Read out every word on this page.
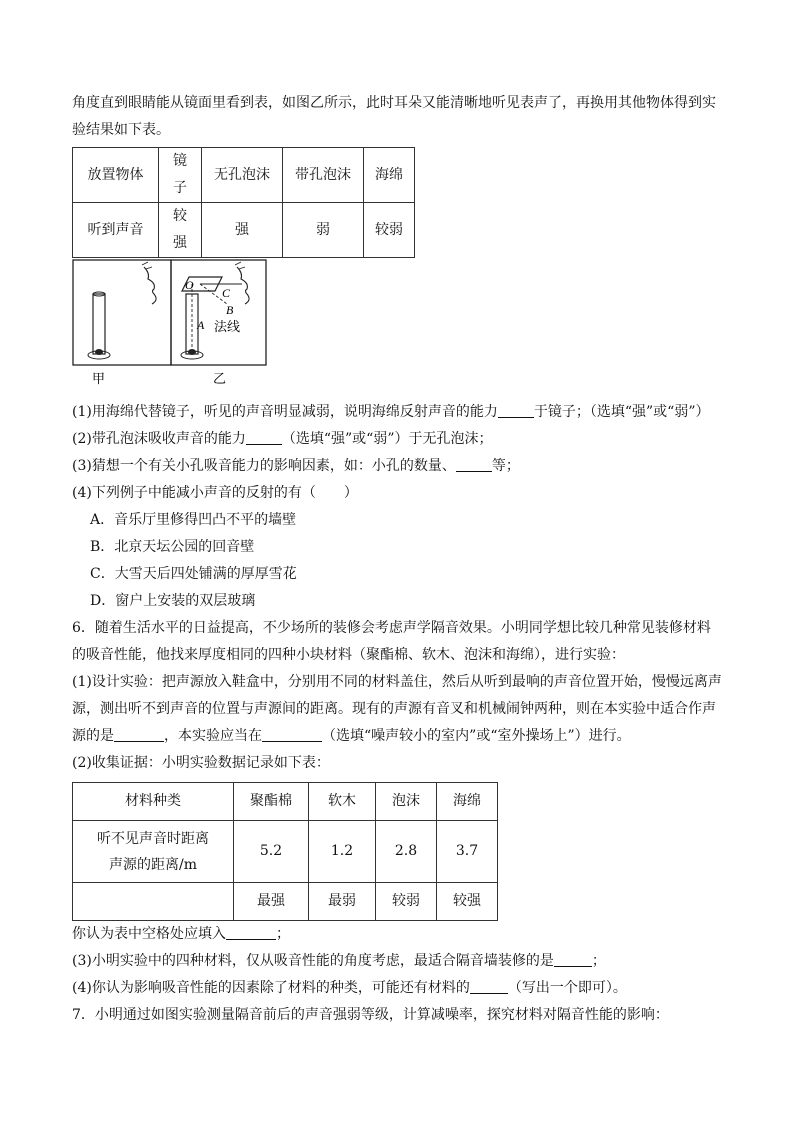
角度直到眼睛能从镜面里看到表，如图乙所示，此时耳朵又能清晰地听见表声了，再换用其他物体得到实

验结果如下表。

放置物体	镜子	无孔泡沫	带孔泡沫	海绵
听到声音	较强	强	弱	较弱
O
C
B
A 法线
甲	乙

(1)用海绵代替镜子，听见的声音明显减弱，说明海绵反射声音的能力	于镜子；（选填“强”或“弱”）

(2)带孔泡沫吸收声音的能力	（选填“强”或“弱”）于无孔泡沫；

(3)猜想一个有关小孔吸音能力的影响因素，如：小孔的数量、	等；

(4)下列例子中能减小声音的反射的有（　　）

A．音乐厅里修得凹凸不平的墙壁

B．北京天坛公园的回音壁

C．大雪天后四处铺满的厚厚雪花

D．窗户上安装的双层玻璃

6．随着生活水平的日益提高，不少场所的装修会考虑声学隔音效果。小明同学想比较几种常见装修材料

的吸音性能，他找来厚度相同的四种小块材料（聚酯棉、软木、泡沫和海绵），进行实验：

(1)设计实验：把声源放入鞋盒中，分别用不同的材料盖住，然后从听到最响的声音位置开始，慢慢远离声

源，测出听不到声音的位置与声源间的距离。现有的声源有音叉和机械闹钟两种，则在本实验中适合作声

源的是	，本实验应当在	（选填“噪声较小的室内”或“室外操场上”）进行。

(2)收集证据：小明实验数据记录如下表：

材料种类	聚酯棉	软木	泡沫	海绵

听不见声音时距离
声源的距离/m	5.2	1.2	2.8	3.7
	最强	最弱	较弱	较强

你认为表中空格处应填入	；

(3)小明实验中的四种材料，仅从吸音性能的角度考虑，最适合隔音墙装修的是	；

(4)你认为影响吸音性能的因素除了材料的种类，可能还有材料的	（写出一个即可）。

7．小明通过如图实验测量隔音前后的声音强弱等级，计算减噪率，探究材料对隔音性能的影响：
